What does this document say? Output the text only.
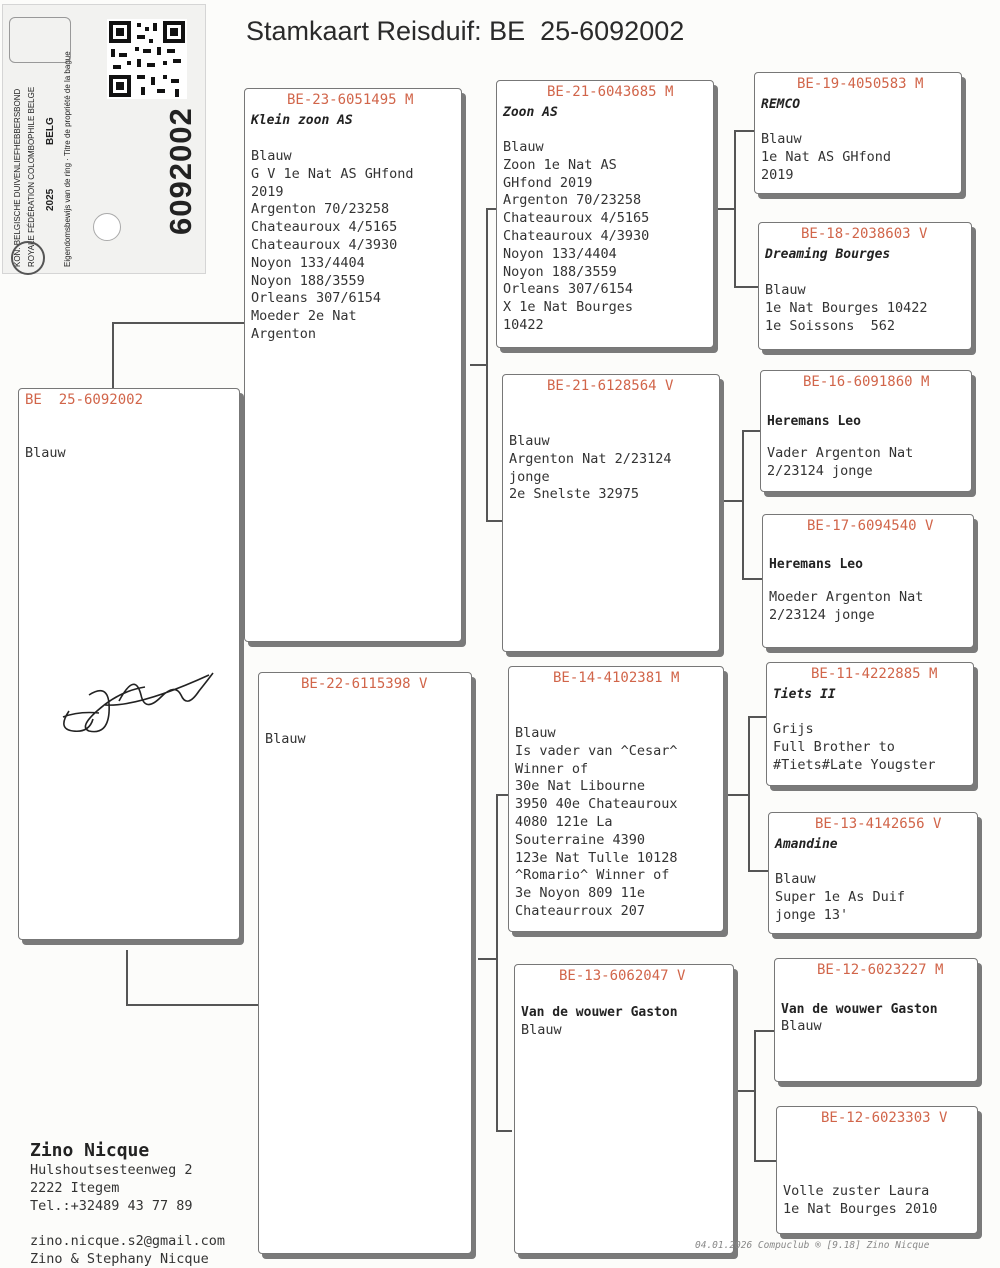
Stamkaart Reisduif: BE  25-6092002
KON. BELGISCHE DUIVENLIEFHEBBERSBOND ROYALE FÉDÉRATION COLOMBOPHILE BELGE BELG
2025 Eigendomsbewijs van de ring · Titre de propriété de la bague	6092002
BE  25-6092002
Blauw
BE-23-6051495 M
Klein zoon AS
Blauw
G V 1e Nat AS GHfond
2019
Argenton 70/23258
Chateauroux 4/5165
Chateauroux 4/3930
Noyon 133/4404
Noyon 188/3559
Orleans 307/6154
Moeder 2e Nat
Argenton
BE-22-6115398 V
Blauw
BE-21-6043685 M
Zoon AS
Blauw
Zoon 1e Nat AS
GHfond 2019
Argenton 70/23258
Chateauroux 4/5165
Chateauroux 4/3930
Noyon 133/4404
Noyon 188/3559
Orleans 307/6154
X 1e Nat Bourges
10422
BE-21-6128564 V
Blauw
Argenton Nat 2/23124
jonge
2e Snelste 32975
BE-14-4102381 M
Blauw
Is vader van ^Cesar^
Winner of
30e Nat Libourne
3950 40e Chateauroux
4080 121e La
Souterraine 4390
123e Nat Tulle 10128
^Romario^ Winner of
3e Noyon 809 11e
Chateaurroux 207
BE-13-6062047 V
Van de wouwer Gaston
Blauw
BE-19-4050583 M
REMCO
Blauw
1e Nat AS GHfond
2019
BE-18-2038603 V
Dreaming Bourges
Blauw
1e Nat Bourges 10422
1e Soissons  562
BE-16-6091860 M
Heremans Leo
Vader Argenton Nat
2/23124 jonge
BE-17-6094540 V
Heremans Leo
Moeder Argenton Nat
2/23124 jonge
BE-11-4222885 M
Tiets II
Grijs
Full Brother to
#Tiets#Late Yougster
BE-13-4142656 V
Amandine
Blauw
Super 1e As Duif
jonge 13'
BE-12-6023227 M
Van de wouwer Gaston
Blauw
BE-12-6023303 V
Volle zuster Laura
1e Nat Bourges 2010
Zino Nicque
Hulshoutsesteenweg 2
2222 Itegem
Tel.:+32489 43 77 89
zino.nicque.s2@gmail.com
Zino & Stephany Nicque
04.01.2026 Compuclub ® [9.18] Zino Nicque
